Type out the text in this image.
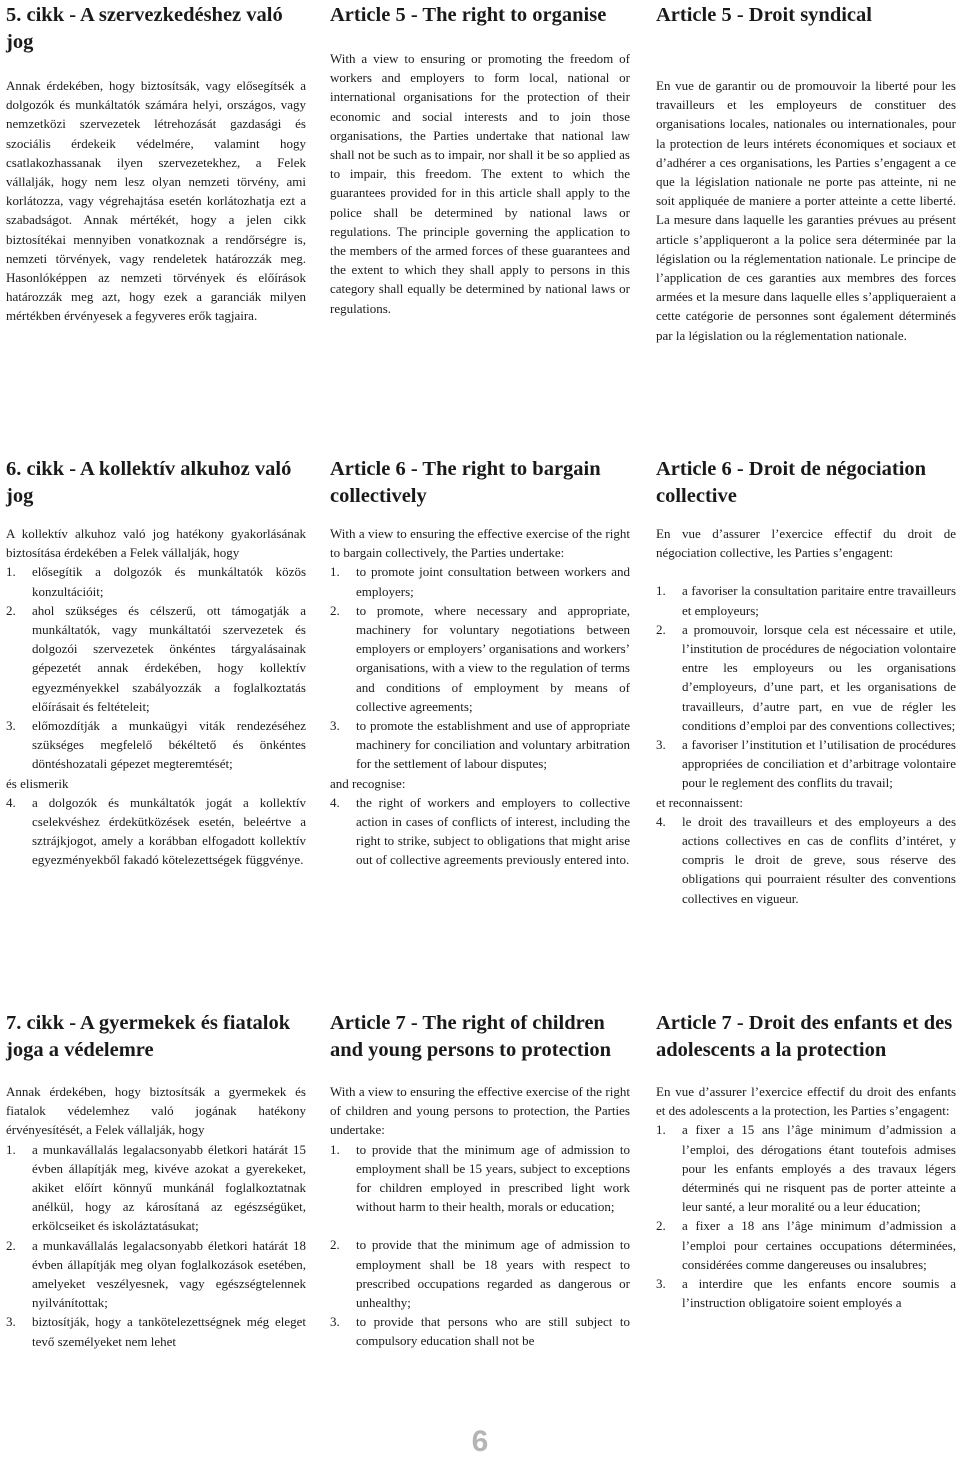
5. cikk - A szervezkedéshez való jog

Annak érdekében, hogy biztosítsák, vagy elősegítsék a dolgozók és munkáltatók számára helyi, országos, vagy nemzetközi szervezetek létrehozását gazdasági és szociális érdekeik védelmére, valamint hogy csatlakozhassanak ilyen szervezetekhez, a Felek vállalják, hogy nem lesz olyan nemzeti törvény, ami korlátozza, vagy végrehajtása esetén korlátozhatja ezt a szabadságot. Annak mértékét, hogy a jelen cikk biztosítékai mennyiben vonatkoznak a rendőrségre is, nemzeti törvények, vagy rendeletek határozzák meg. Hasonlóképpen az nemzeti törvények és előírások határozzák meg azt, hogy ezek a garanciák milyen mértékben érvényesek a fegyveres erők tagjaira.

Article 5 - The right to organise

With a view to ensuring or promoting the freedom of workers and employers to form local, national or international organisations for the protection of their economic and social interests and to join those organisations, the Parties undertake that national law shall not be such as to impair, nor shall it be so applied as to impair, this freedom. The extent to which the guarantees provided for in this article shall apply to the police shall be determined by national laws or regulations. The principle governing the application to the members of the armed forces of these guarantees and the extent to which they shall apply to persons in this category shall equally be determined by national laws or regulations.

Article 5 - Droit syndical

En vue de garantir ou de promouvoir la liberté pour les travailleurs et les employeurs de constituer des organisations locales, nationales ou internationales, pour la protection de leurs intérets économiques et sociaux et d’adhérer a ces organisations, les Parties s’engagent a ce que la législation nationale ne porte pas atteinte, ni ne soit appliquée de maniere a porter atteinte a cette liberté. La mesure dans laquelle les garanties prévues au présent article s’appliqueront a la police sera déterminée par la législation ou la réglementation nationale. Le principe de l’application de ces garanties aux membres des forces armées et la mesure dans laquelle elles s’appliqueraient a cette catégorie de personnes sont également déterminés par la législation ou la réglementation nationale.

6. cikk - A kollektív alkuhoz való jog

A kollektív alkuhoz való jog hatékony gyakorlásának biztosítása érdekében a Felek vállalják, hogy

1. elősegítik a dolgozók és munkáltatók közös konzultációit;
2. ahol szükséges és célszerű, ott támogatják a munkáltatók, vagy munkáltatói szervezetek és dolgozói szervezetek önkéntes tárgyalásainak gépezetét annak érdekében, hogy kollektív egyezményekkel szabályozzák a foglalkoztatás előírásait és feltételeit;
3. előmozdítják a munkaügyi viták rendezéséhez szükséges megfelelő békéltető és önkéntes döntéshozatali gépezet megteremtését;

és elismerik

4. a dolgozók és munkáltatók jogát a kollektív cselekvéshez érdekütközések esetén, beleértve a sztrájkjogot, amely a korábban elfogadott kollektív egyezményekből fakadó kötelezettségek függvénye.
Article 6 - The right to bargain collectively

With a view to ensuring the effective exercise of the right to bargain collectively, the Parties undertake:

1. to promote joint consultation between workers and employers;
2. to promote, where necessary and appropriate, machinery for voluntary negotiations between employers or employers’ organisations and workers’ organisations, with a view to the regulation of terms and conditions of employment by means of collective agreements;
3. to promote the establishment and use of appropriate machinery for conciliation and voluntary arbitration for the settlement of labour disputes;

and recognise:

4. the right of workers and employers to collective action in cases of conflicts of interest, including the right to strike, subject to obligations that might arise out of collective agreements previously entered into.
Article 6 - Droit de négociation collective

En vue d’assurer l’exercice effectif du droit de négociation collective, les Parties s’engagent:

1. a favoriser la consultation paritaire entre travailleurs et employeurs;
2. a promouvoir, lorsque cela est nécessaire et utile, l’institution de procédures de négociation volontaire entre les employeurs ou les organisations d’employeurs, d’une part, et les organisations de travailleurs, d’autre part, en vue de régler les conditions d’emploi par des conventions collectives;
3. a favoriser l’institution et l’utilisation de procédures appropriées de conciliation et d’arbitrage volontaire pour le reglement des conflits du travail;

et reconnaissent:

4. le droit des travailleurs et des employeurs a des actions collectives en cas de conflits d’intéret, y compris le droit de greve, sous réserve des obligations qui pourraient résulter des conventions collectives en vigueur.
7. cikk - A gyermekek és fiatalok joga a védelemre

Annak érdekében, hogy biztosítsák a gyermekek és fiatalok védelemhez való jogának hatékony érvényesítését, a Felek vállalják, hogy

1. a munkavállalás legalacsonyabb életkori határát 15 évben állapítják meg, kivéve azokat a gyerekeket, akiket előírt könnyű munkánál foglalkoztatnak anélkül, hogy az károsítaná az egészségüket, erkölcseiket és iskoláztatásukat;
2. a munkavállalás legalacsonyabb életkori határát 18 évben állapítják meg olyan foglalkozások esetében, amelyeket veszélyesnek, vagy egészségtelennek nyilvánítottak;
3. biztosítják, hogy a tankötelezettségnek még eleget tevő személyeket nem lehet
Article 7 - The right of children and young persons to protection

With a view to ensuring the effective exercise of the right of children and young persons to protection, the Parties undertake:

1. to provide that the minimum age of admission to employment shall be 15 years, subject to exceptions for children employed in prescribed light work without harm to their health, morals or education;
2. to provide that the minimum age of admission to employment shall be 18 years with respect to prescribed occupations regarded as dangerous or unhealthy;
3. to provide that persons who are still subject to compulsory education shall not be
Article 7 - Droit des enfants et des adolescents a la protection

En vue d’assurer l’exercice effectif du droit des enfants et des adolescents a la protection, les Parties s’engagent:

1. a fixer a 15 ans l’âge minimum d’admission a l’emploi, des dérogations étant toutefois admises pour les enfants employés a des travaux légers déterminés qui ne risquent pas de porter atteinte a leur santé, a leur moralité ou a leur éducation;
2. a fixer a 18 ans l’âge minimum d’admission a l’emploi pour certaines occupations déterminées, considérées comme dangereuses ou insalubres;
3. a interdire que les enfants encore soumis a l’instruction obligatoire soient employés a
6
